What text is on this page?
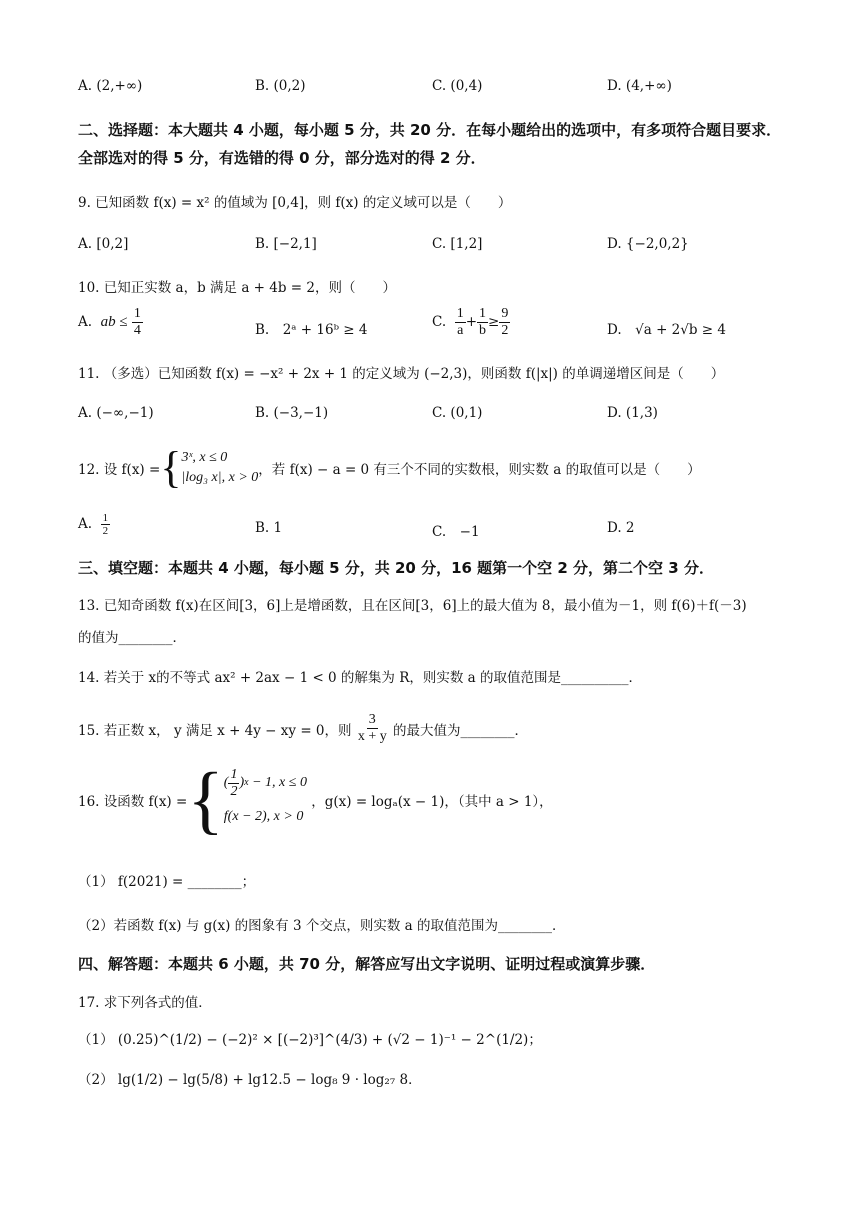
A. (2,+∞)	B. (0,2)	C. (0,4)	D. (4,+∞)
二、选择题：本大题共 4 小题，每小题 5 分，共 20 分．在每小题给出的选项中，有多项符合题目要求．全部选对的得 5 分，有选错的得 0 分，部分选对的得 2 分．
9. 已知函数 f(x) = x² 的值域为 [0,4]，则 f(x) 的定义域可以是（　　）
A. [0,2]	B. [−2,1]	C. [1,2]	D. {−2,0,2}
10. 已知正实数 a，b 满足 a + 4b = 2，则（　　）
A. ab ≤ $\frac{1}{4}$	B.　2ᵃ + 16ᵇ ≥ 4	C. $\frac{1}{a} + \frac{1}{b} \ge \frac{9}{2}$	D.　√a + 2√b ≥ 4
11. （多选）已知函数 f(x) = −x² + 2x + 1 的定义域为 (−2,3)，则函数 f(|x|) 的单调递增区间是（　　）
A. (−∞,−1)	B. (−3,−1)	C. (0,1)	D. (1,3)
12. 设 f(x) = { 3ˣ, x ≤ 0
|log₃ x|, x > 0 ，若 f(x) − a = 0 有三个不同的实数根，则实数 a 的取值可以是（　　）
A. $\frac{1}{2}$	B. 1	C.　−1	D. 2
三、填空题：本题共 4 小题，每小题 5 分，共 20 分，16 题第一个空 2 分，第二个空 3 分．
13. 已知奇函数 f(x)在区间[3，6]上是增函数，且在区间[3，6]上的最大值为 8，最小值为－1，则 f(6)＋f(－3)
的值为________．
14. 若关于 x的不等式 ax² + 2ax − 1 < 0 的解集为 R，则实数 a 的取值范围是__________．
15. 若正数 x， y 满足 x + 4y − xy = 0，则
$\frac{3}{x + y}$
的最大值为________．
16. 设函数 f(x) = { ( $\frac{1}{2}$ ) x
− 1, x ≤ 0
f(x − 2), x > 0

，g(x) = logₐ(x − 1)，（其中 a > 1），
（1） f(2021) = ________；
（2）若函数 f(x) 与 g(x) 的图象有 3 个交点，则实数 a 的取值范围为________．
四、解答题：本题共 6 小题，共 70 分，解答应写出文字说明、证明过程或演算步骤．
17. 求下列各式的值．
（1） (0.25)^(1/2) − (−2)² × [(−2)³]^(4/3) + (√2 − 1)⁻¹ − 2^(1/2)；
（2） lg(1/2) − lg(5/8) + lg12.5 − log₈ 9 · log₂₇ 8．
